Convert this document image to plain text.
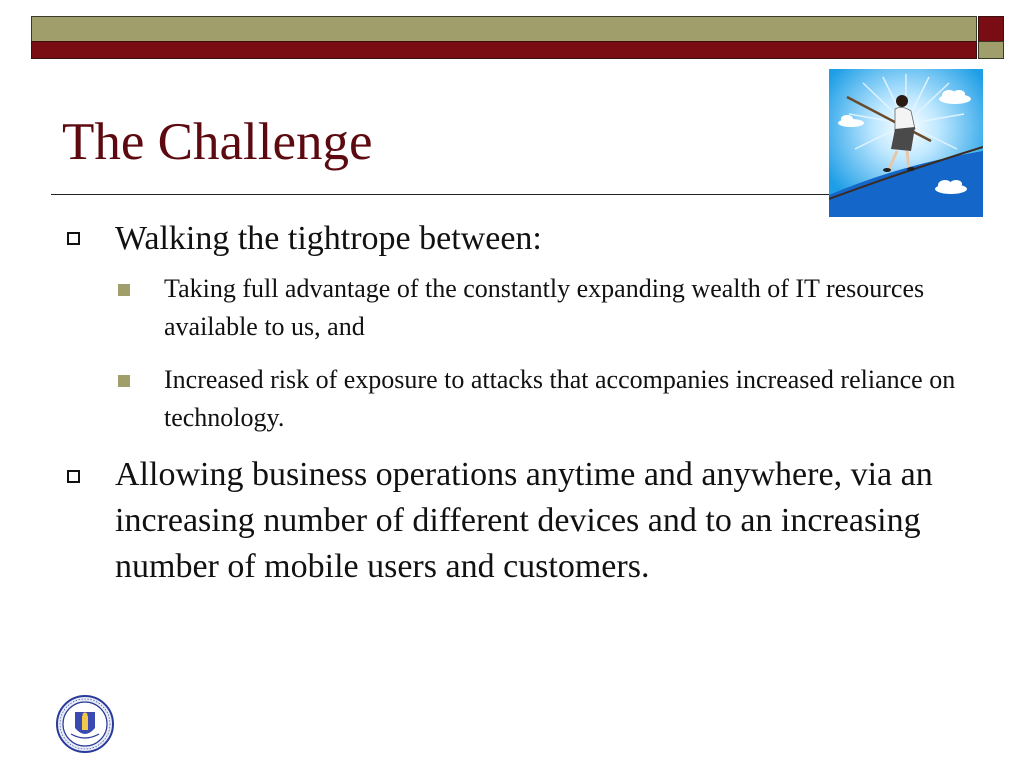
The Challenge
Walking the tightrope between:
Taking full advantage of the constantly expanding wealth of IT resources available to us, and
Increased risk of exposure to attacks that accompanies increased reliance on technology.
Allowing business operations anytime and anywhere, via an increasing number of different devices and to an increasing number of mobile users and customers.
